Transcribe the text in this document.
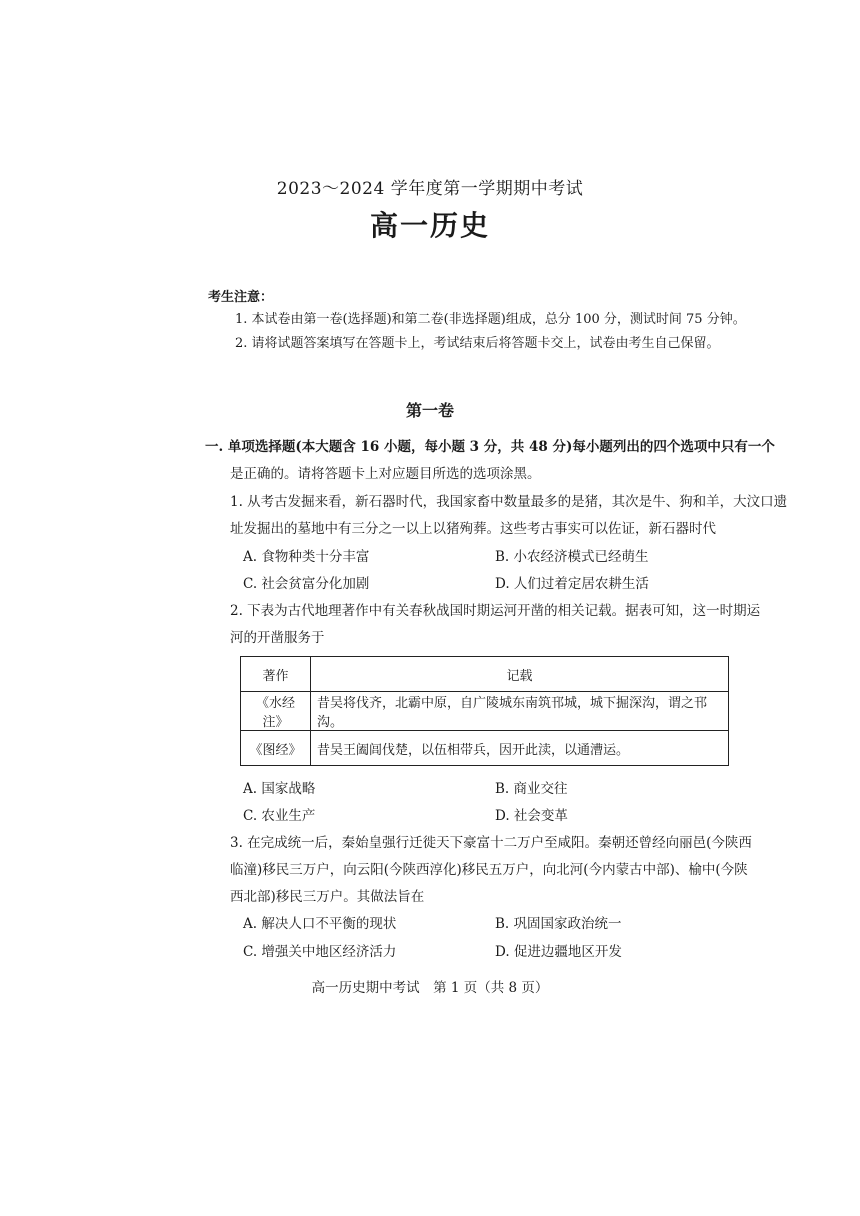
2023～2024 学年度第一学期期中考试
高一历史
考生注意：
1. 本试卷由第一卷(选择题)和第二卷(非选择题)组成，总分 100 分，测试时间 75 分钟。
2. 请将试题答案填写在答题卡上，考试结束后将答题卡交上，试卷由考生自己保留。
第一卷
一. 单项选择题(本大题含 16 小题，每小题 3 分，共 48 分)每小题列出的四个选项中只有一个
是正确的。请将答题卡上对应题目所选的选项涂黑。
1. 从考古发掘来看，新石器时代，我国家畜中数量最多的是猪，其次是牛、狗和羊，大汶口遗
址发掘出的墓地中有三分之一以上以猪殉葬。这些考古事实可以佐证，新石器时代
A. 食物种类十分丰富	B. 小农经济模式已经萌生
C. 社会贫富分化加剧	D. 人们过着定居农耕生活
2. 下表为古代地理著作中有关春秋战国时期运河开凿的相关记载。据表可知，这一时期运
河的开凿服务于
著作	记载
《水经注》	昔吴将伐齐，北霸中原，自广陵城东南筑邗城，城下掘深沟，谓之邗沟。
《图经》	昔吴王阖闾伐楚，以伍相带兵，因开此渎，以通漕运。
A. 国家战略	B. 商业交往
C. 农业生产	D. 社会变革
3. 在完成统一后，秦始皇强行迁徙天下豪富十二万户至咸阳。秦朝还曾经向丽邑(今陕西
临潼)移民三万户，向云阳(今陕西淳化)移民五万户，向北河(今内蒙古中部)、榆中(今陕
西北部)移民三万户。其做法旨在
A. 解决人口不平衡的现状	B. 巩固国家政治统一
C. 增强关中地区经济活力	D. 促进边疆地区开发
高一历史期中考试　第 1 页（共 8 页）
